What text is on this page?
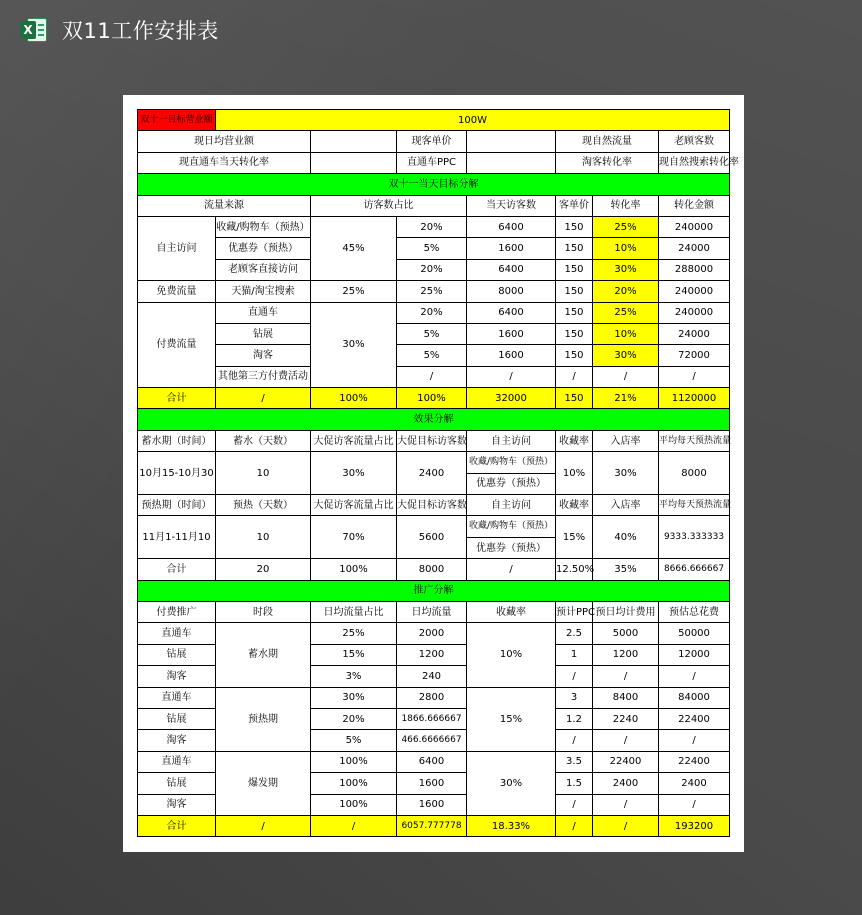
X 双11工作安排表
双十一目标营业额	100W						
现日均营业额			现客单价		现自然流量		老顾客数
现直通车当天转化率			直通车PPC		淘客转化率		现自然搜索转化率
双十一当天目标分解							
流量来源		访客数占比		当天访客数	客单价	转化率	转化金额
自主访问	收藏/购物车（预热）	45%	20%	6400	150	25%	240000
	优惠券（预热）		5%	1600	150	10%	24000
	老顾客直接访问		20%	6400	150	30%	288000
免费流量	天猫/淘宝搜索	25%	25%	8000	150	20%	240000
付费流量	直通车	30%	20%	6400	150	25%	240000
	钻展		5%	1600	150	10%	24000
	淘客		5%	1600	150	30%	72000
	其他第三方付费活动		/	/	/	/	/
合计	/	100%	100%	32000	150	21%	1120000
效果分解							
蓄水期（时间）	蓄水（天数）	大促访客流量占比	大促目标访客数	自主访问	收藏率	入店率	平均每天预热流量
10月15-10月30	10	30%	2400	收藏/购物车（预热）	10%	30%	8000
				优惠券（预热）			
预热期（时间）	预热（天数）	大促访客流量占比	大促目标访客数	自主访问	收藏率	入店率	平均每天预热流量
11月1-11月10	10	70%	5600	收藏/购物车（预热）	15%	40%	9333.333333
				优惠券（预热）			
合计	20	100%	8000	/	12.50%	35%	8666.666667
推广分解							
付费推广	时段	日均流量占比	日均流量	收藏率	预计PPC	预日均计费用	预估总花费
直通车	蓄水期	25%	2000	10%	2.5	5000	50000
钻展		15%	1200		1	1200	12000
淘客		3%	240		/	/	/
直通车	预热期	30%	2800	15%	3	8400	84000
钻展		20%	1866.666667		1.2	2240	22400
淘客		5%	466.6666667		/	/	/
直通车	爆发期	100%	6400	30%	3.5	22400	22400
钻展		100%	1600		1.5	2400	2400
淘客		100%	1600		/	/	/
合计	/	/	6057.777778	18.33%	/	/	193200
